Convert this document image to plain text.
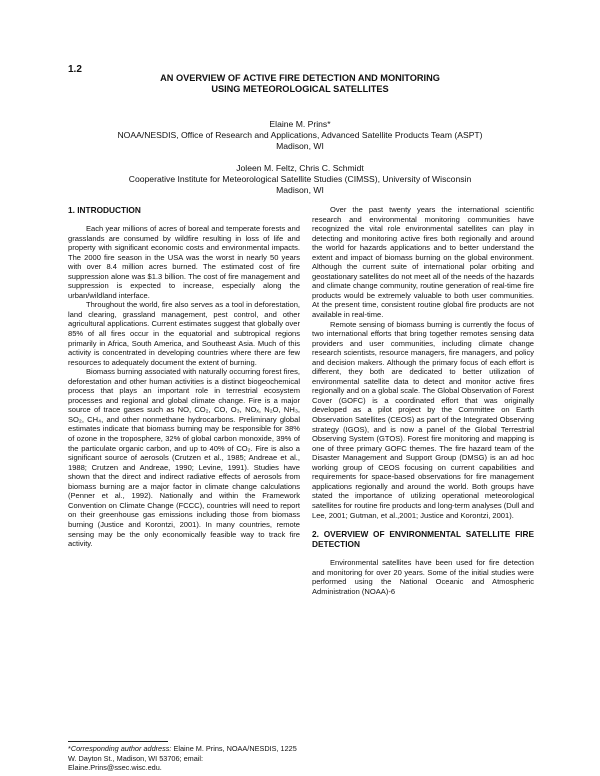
1.2
AN OVERVIEW OF ACTIVE FIRE DETECTION AND MONITORING
USING METEOROLOGICAL SATELLITES
Elaine M. Prins*
NOAA/NESDIS, Office of Research and Applications, Advanced Satellite Products Team (ASPT)
Madison, WI
Joleen M. Feltz, Chris C. Schmidt
Cooperative Institute for Meteorological Satellite Studies (CIMSS), University of Wisconsin
Madison, WI
1. INTRODUCTION

Each year millions of acres of boreal and temperate forests and grasslands are consumed by wildfire resulting in loss of life and property with significant economic costs and environmental impacts. The 2000 fire season in the USA was the worst in nearly 50 years with over 8.4 million acres burned. The estimated cost of fire suppression alone was $1.3 billion. The cost of fire management and suppression is expected to increase, especially along the urban/wildland interface.

Throughout the world, fire also serves as a tool in deforestation, land clearing, grassland management, pest control, and other agricultural applications. Current estimates suggest that globally over 85% of all fires occur in the equatorial and subtropical regions primarily in Africa, South America, and Southeast Asia. Much of this activity is concentrated in developing countries where there are few resources to adequately document the extent of burning.

Biomass burning associated with naturally occurring forest fires, deforestation and other human activities is a distinct biogeochemical process that plays an important role in terrestrial ecosystem processes and regional and global climate change. Fire is a major source of trace gases such as NO, CO₂, CO, O₃, NOₓ, N₂O, NH₃, SO₂, CH₄, and other nonmethane hydrocarbons. Preliminary global estimates indicate that biomass burning may be responsible for 38% of ozone in the troposphere, 32% of global carbon monoxide, 39% of the particulate organic carbon, and up to 40% of CO₂. Fire is also a significant source of aerosols (Crutzen et al., 1985; Andreae et al., 1988; Crutzen and Andreae, 1990; Levine, 1991). Studies have shown that the direct and indirect radiative effects of aerosols from biomass burning are a major factor in climate change calculations (Penner et al., 1992). Nationally and within the Framework Convention on Climate Change (FCCC), countries will need to report on their greenhouse gas emissions including those from biomass burning (Justice and Korontzi, 2001). In many countries, remote sensing may be the only economically feasible way to track fire activity.

*Corresponding author address: Elaine M. Prins, NOAA/NESDIS, 1225 W. Dayton St., Madison, WI 53706; email: Elaine.Prins@ssec.wisc.edu.

Over the past twenty years the international scientific research and environmental monitoring communities have recognized the vital role environmental satellites can play in detecting and monitoring active fires both regionally and around the world for hazards applications and to better understand the extent and impact of biomass burning on the global environment. Although the current suite of international polar orbiting and geostationary satellites do not meet all of the needs of the hazards and climate change community, routine generation of real-time fire products would be extremely valuable to both user communities. At the present time, consistent routine global fire products are not available in real-time.

Remote sensing of biomass burning is currently the focus of two international efforts that bring together remotes sensing data providers and user communities, including climate change research scientists, resource managers, fire managers, and policy and decision makers. Although the primary focus of each effort is different, they both are dedicated to better utilization of environmental satellite data to detect and monitor active fires regionally and on a global scale. The Global Observation of Forest Cover (GOFC) is a coordinated effort that was originally developed as a pilot project by the Committee on Earth Observation Satellites (CEOS) as part of the Integrated Observing strategy (IGOS), and is now a panel of the Global Terrestrial Observing System (GTOS). Forest fire monitoring and mapping is one of three primary GOFC themes. The fire hazard team of the Disaster Management and Support Group (DMSG) is an ad hoc working group of CEOS focusing on current capabilities and requirements for space-based observations for fire management applications regionally and around the world. Both groups have stated the importance of utilizing operational meteorological satellites for routine fire products and long-term analyses (Dull and Lee, 2001; Gutman, et al.,2001; Justice and Korontzi, 2001).

2. OVERVIEW OF ENVIRONMENTAL SATELLITE FIRE DETECTION

Environmental satellites have been used for fire detection and monitoring for over 20 years. Some of the initial studies were performed using the National Oceanic and Atmospheric Administration (NOAA)-6
